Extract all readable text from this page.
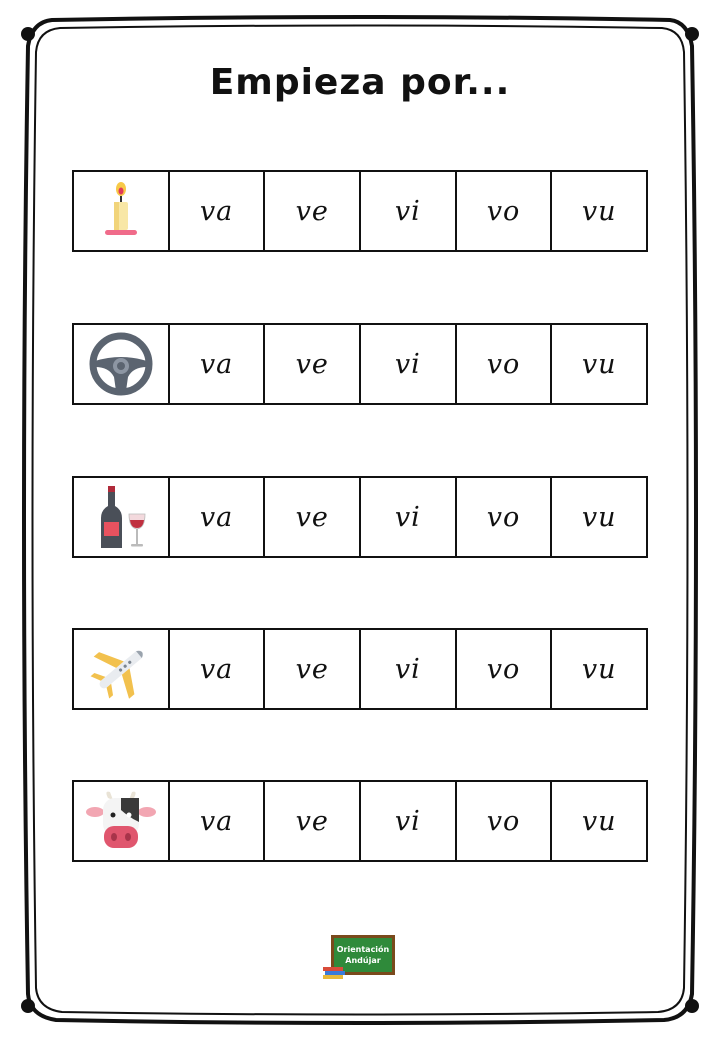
Empieza por...
va	ve	vi	vo	vu
va	ve	vi	vo	vu
va	ve	vi	vo	vu
va	ve	vi	vo	vu
va	ve	vi	vo	vu
Orientación
Andújar
